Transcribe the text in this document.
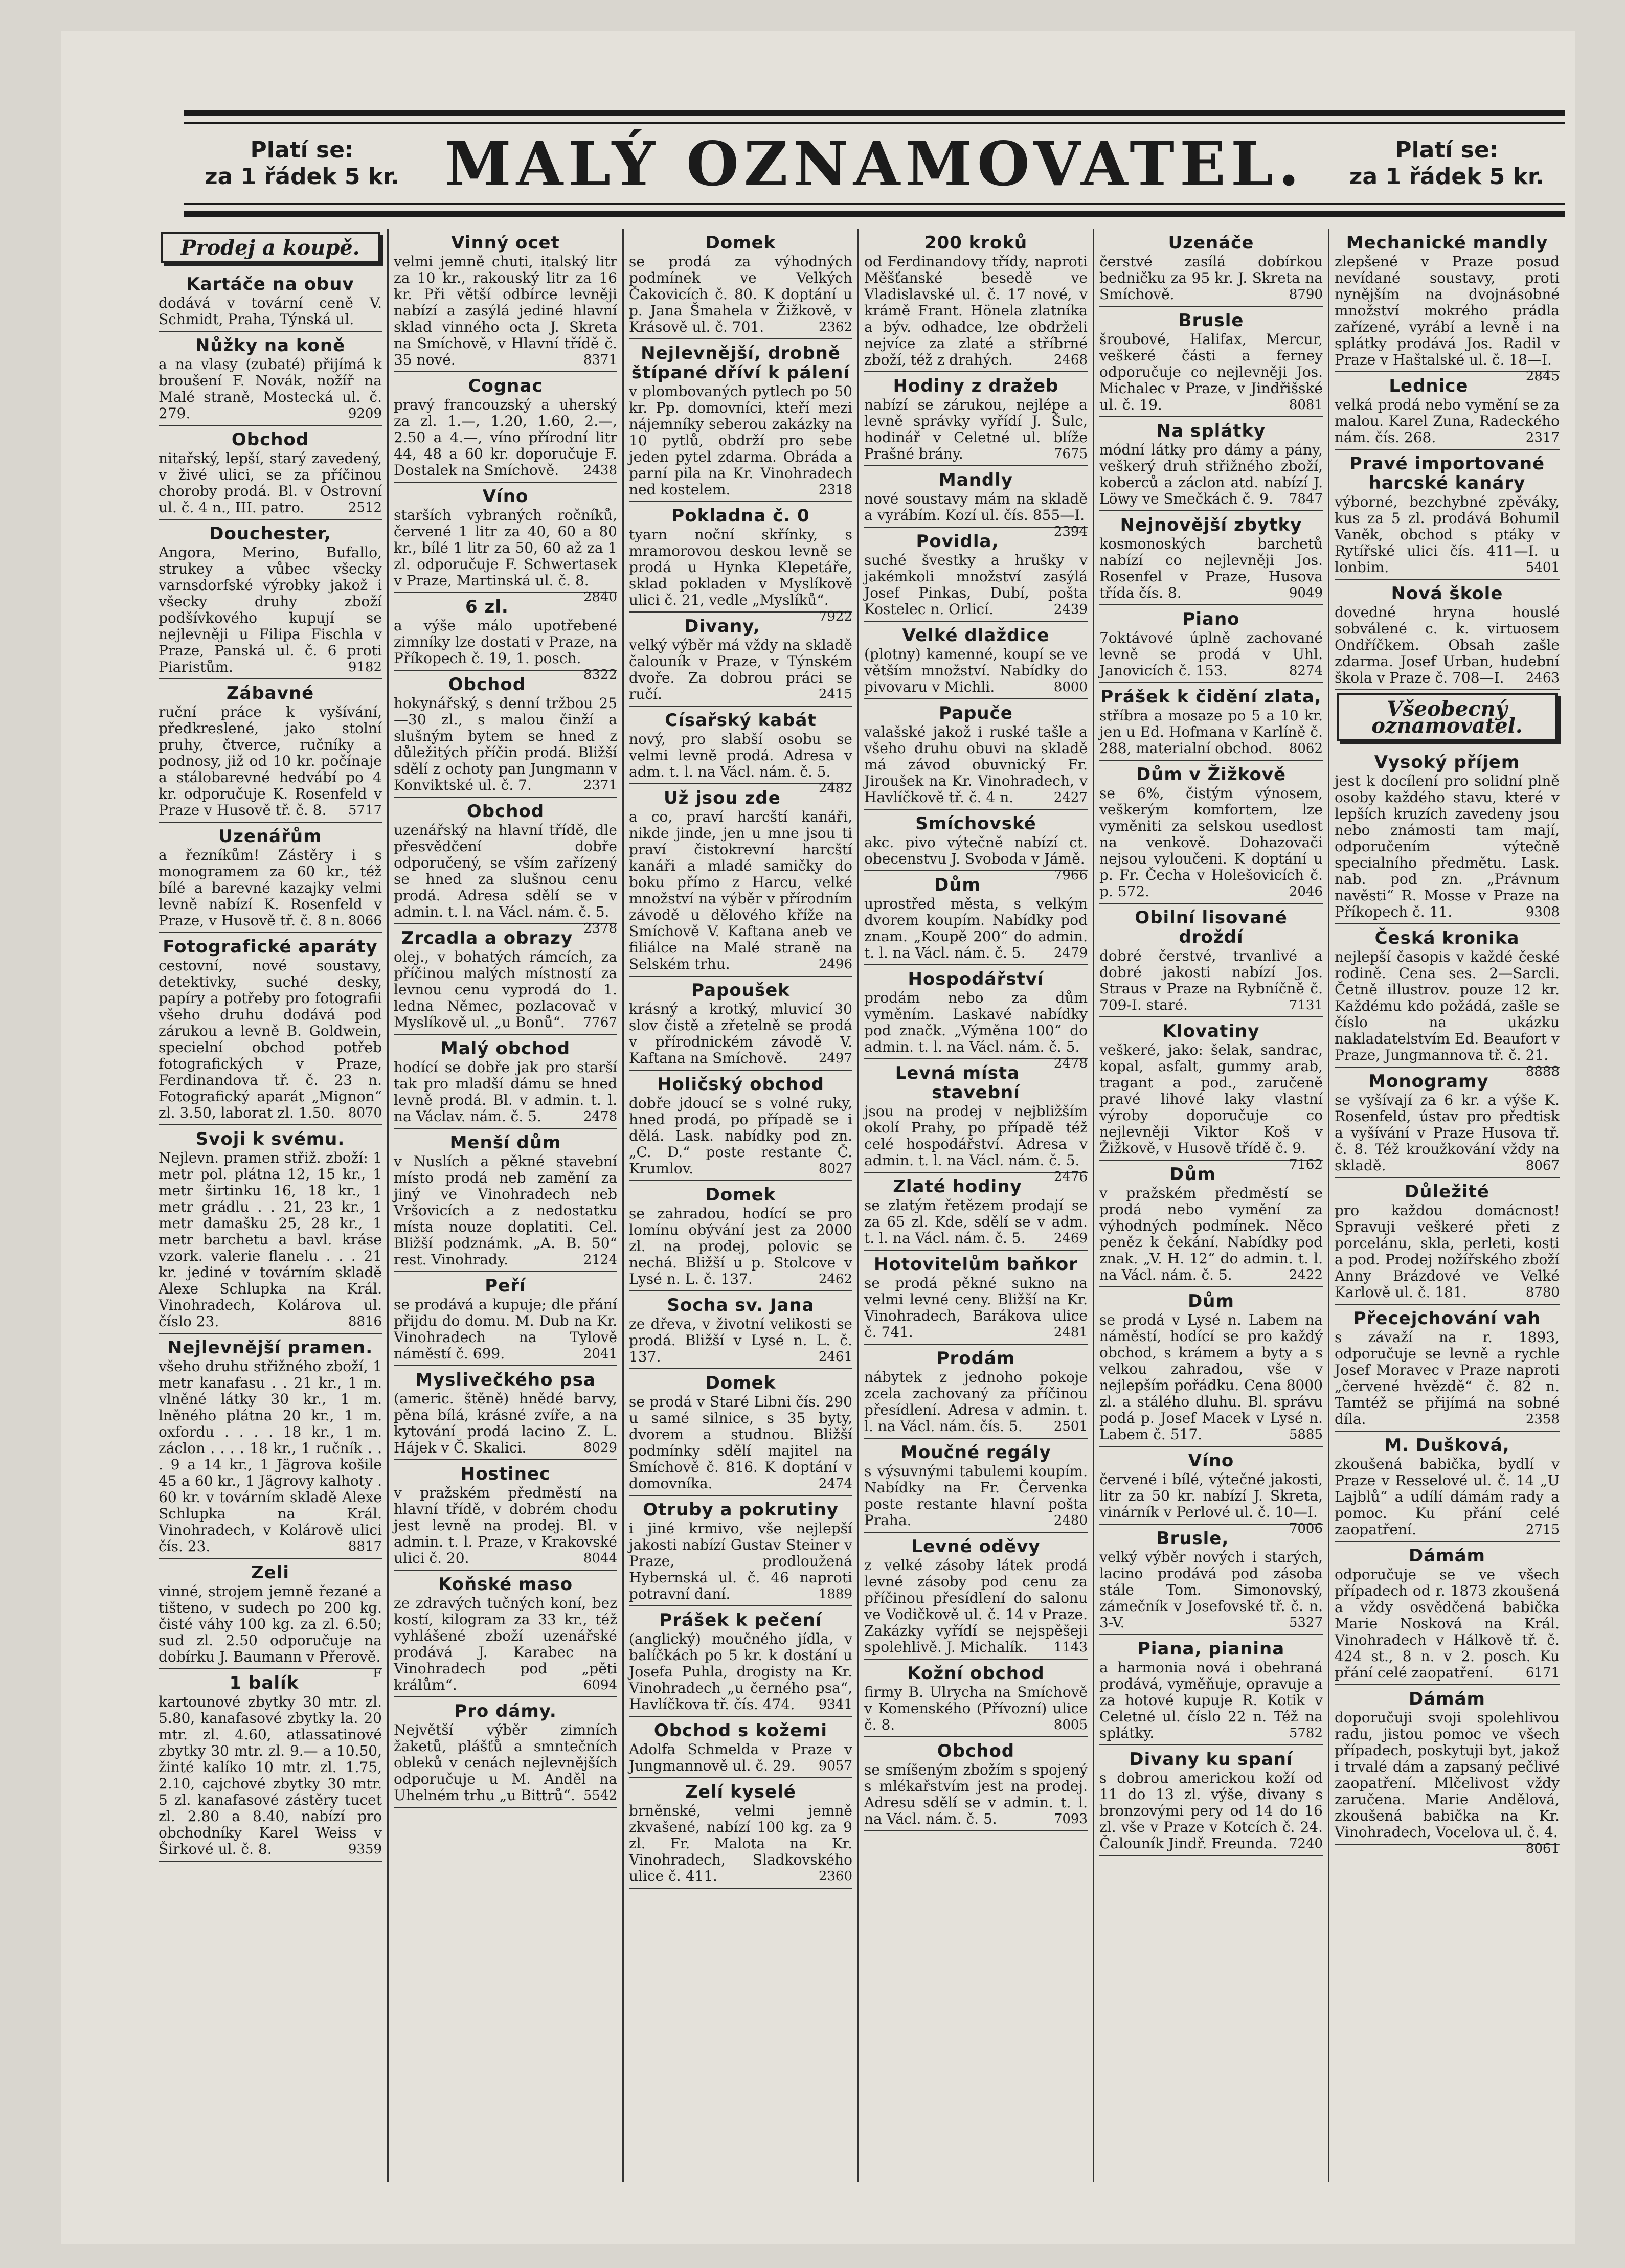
Platí se:
za 1 řádek 5 kr. MALÝ OZNAMOVATEL.	Platí se:
za 1 řádek 5 kr.
Prodej a koupě.
Kartáče na obuv

dodává v tovární ceně V. Schmidt, Praha, Týnská ul.

Nůžky na koně

a na vlasy (zubaté) přijímá k broušení F. Novák, nožíř na Malé straně, Mostecká ul. č. 279.	9209

Obchod

nitařský, lepší, starý zavedený, v živé ulici, se za příčinou choroby prodá. Bl. v Ostrovní ul. č. 4 n., III. patro.	2512

Douchester,

Angora, Merino, Bufallo, strukey a vůbec všecky varnsdorfské výrobky jakož i všecky druhy zboží podšívkového kupují se nejlevněji u Filipa Fischla v Praze, Panská ul. č. 6 proti Piaristům.	9182

Zábavné

ruční práce k vyšívání, předkreslené, jako stolní pruhy, čtverce, ručníky a podnosy, již od 10 kr. počínaje a stálobarevné hedvábí po 4 kr. odporučuje K. Rosenfeld v Praze v Husově tř. č. 8. 5717

Uzenářům

a řezníkům! Zástěry i s monogramem za 60 kr., též bílé a barevné kazajky velmi levně nabízí K. Rosenfeld v Praze, v Husově tř. č. 8 n. 8066

Fotografické aparáty

cestovní, nové soustavy, detektivky, suché desky, papíry a potřeby pro fotografii všeho druhu dodává pod zárukou a levně B. Goldwein, specielní obchod potřeb fotografických v Praze, Ferdinandova tř. č. 23 n. Fotografický aparát „Mignon“ zl. 3.50, laborat zl. 1.50. 8070

Svoji k svému.

Nejlevn. pramen střiž. zboží: 1 metr pol. plátna 12, 15 kr., 1 metr širtinku 16, 18 kr., 1 metr grádlu . . 21, 23 kr., 1 metr damašku 25, 28 kr., 1 metr barchetu a bavl. kráse vzork. valerie flanelu . . . 21 kr. jediné v továrním skladě Alexe Schlupka na Král. Vinohradech, Kolárova ul. číslo 23.	8816

Nejlevnější pramen.

všeho druhu střižného zboží, 1 metr kanafasu . . 21 kr., 1 m. vlněné látky 30 kr., 1 m. lněného plátna 20 kr., 1 m. oxfordu . . . . 18 kr., 1 m. záclon . . . . 18 kr., 1 ručník . . . 9 a 14 kr., 1 Jägrova košile 45 a 60 kr., 1 Jägrovy kalhoty . 60 kr. v továrním skladě Alexe Schlupka na Král. Vinohradech, v Kolárově ulici čís. 23.	8817

Zeli

vinné, strojem jemně řezané a tišteno, v sudech po 200 kg. čisté váhy 100 kg. za zl. 6.50; sud zl. 2.50 odporučuje na dobírku J. Baumann v Přerově.
F

1 balík

kartounové zbytky 30 mtr. zl. 5.80, kanafasové zbytky la. 20 mtr. zl. 4.60, atlassatinové zbytky 30 mtr. zl. 9.— a 10.50, žinté kalíko 10 mtr. zl. 1.75, 2.10, cajchové zbytky 30 mtr. 5 zl. kanafasové zástěry tucet zl. 2.80 a 8.40, nabízí pro obchodníky Karel Weiss v Širkové ul. č. 8.	9359

Vinný ocet

velmi jemně chuti, italský litr za 10 kr., rakouský litr za 16 kr. Při větší odbírce levněji nabízí a zasýlá jediné hlavní sklad vinného octa J. Skreta na Smíchově, v Hlavní třídě č. 35 nové.	8371

Cognac

pravý francouzský a uherský za zl. 1.—, 1.20, 1.60, 2.—, 2.50 a 4.—, víno přírodní litr 44, 48 a 60 kr. doporučuje F. Dostalek na Smíchově. 2438

Víno

starších vybraných ročníků, červené 1 litr za 40, 60 a 80 kr., bílé 1 litr za 50, 60 až za 1 zl. odporučuje F. Schwertasek v Praze, Martinská ul. č. 8.
2840

6 zl.

a výše málo upotřebené zimníky lze dostati v Praze, na Příkopech č. 19, 1. posch.
8322

Obchod

hokynářský, s denní tržbou 25—30 zl., s malou činží a slušným bytem se hned z důležitých příčin prodá. Bližší sdělí z ochoty pan Jungmann v Konviktské ul. č. 7.	2371

Obchod

uzenářský na hlavní třídě, dle přesvědčení dobře odporučený, se vším zařízený se hned za slušnou cenu prodá. Adresa sdělí se v admin. t. l. na Václ. nám. č. 5.
2378

Zrcadla a obrazy

olej., v bohatých rámcích, za příčinou malých místností za levnou cenu vyprodá do 1. ledna Němec, pozlacovač v Myslíkově ul. „u Bonů“. 7767

Malý obchod

hodící se dobře jak pro starší tak pro mladší dámu se hned levně prodá. Bl. v admin. t. l. na Václav. nám. č. 5.	2478

Menší dům

v Nuslích a pěkné stavební místo prodá neb zamění za jiný ve Vinohradech neb Vršovicích a z nedostatku místa nouze doplatiti. Cel. Bližší podznámk. „A. B. 50“ rest. Vinohrady.	2124

Peří

se prodává a kupuje; dle přání přijdu do domu. M. Dub na Kr. Vinohradech na Tylově náměstí č. 699.	2041

Myslivečkého psa

(americ. štěně) hnědé barvy, pěna bílá, krásné zvíře, a na kytování prodá lacino Z. L. Hájek v Č. Skalici.	8029

Hostinec

v pražském předměstí na hlavní třídě, v dobrém chodu jest levně na prodej. Bl. v admin. t. l. Praze, v Krakovské ulici č. 20.	8044

Koňské maso

ze zdravých tučných koní, bez kostí, kilogram za 33 kr., též vyhlášené zboží uzenářské prodává J. Karabec na Vinohradech pod „pěti králům“.	6094

Pro dámy.

Největší výběr zimních žaketů, plášťů a smntečních obleků v cenách nejlevnějších odporučuje u M. Anděl na Uhelném trhu „u Bittrů“. 5542

Domek

se prodá za výhodných podmínek ve Velkých Čakovicích č. 80. K doptání u p. Jana Šmahela v Žižkově, v Krásově ul. č. 701.	2362

Nejlevnější, drobně štípané dříví k pálení

v plombovaných pytlech po 50 kr. Pp. domovníci, kteří mezi nájemníky seberou zakázky na 10 pytlů, obdrží pro sebe jeden pytel zdarma. Obráda a parní pila na Kr. Vinohradech ned kostelem.	2318

Pokladna č. 0

tyarn noční skřínky, s mramorovou deskou levně se prodá u Hynka Klepetáře, sklad pokladen v Myslíkově ulici č. 21, vedle „Myslíků“.
7922

Divany,

velký výběr má vždy na skladě čalouník v Praze, v Týnském dvoře. Za dobrou práci se ručí.	2415

Císařský kabát

nový, pro slabší osobu se velmi levně prodá. Adresa v adm. t. l. na Václ. nám. č. 5.
2482

Už jsou zde

a co, praví harcští kanáři, nikde jinde, jen u mne jsou ti praví čistokrevní harcští kanáři a mladé samičky do boku přímo z Harcu, velké množství na výběr v přírodním závodě u dělového kříže na Smíchově V. Kaftana aneb ve filiálce na Malé straně na Selském trhu.	2496

Papoušek

krásný a krotký, mluvicí 30 slov čistě a zřetelně se prodá v přírodnickém závodě V. Kaftana na Smíchově. 2497

Holičský obchod

dobře jdoucí se s volné ruky, hned prodá, po případě se i dělá. Lask. nabídky pod zn. „C. D.“ poste restante Č. Krumlov.	8027

Domek

se zahradou, hodící se pro lomínu obývání jest za 2000 zl. na prodej, polovic se nechá. Bližší u p. Stolcove v Lysé n. L. č. 137.	2462

Socha sv. Jana

ze dřeva, v životní velikosti se prodá. Bližší v Lysé n. L. č. 137.	2461

Domek

se prodá v Staré Libni čís. 290 u samé silnice, s 35 byty, dvorem a studnou. Bližší podmínky sdělí majitel na Smíchově č. 816. K doptání v domovníka.	2474

Otruby a pokrutiny

i jiné krmivo, vše nejlepší jakosti nabízí Gustav Steiner v Praze, prodloužená Hybernská ul. č. 46 naproti potravní daní.	1889

Prášek k pečení

(anglický) moučného jídla, v balíčkách po 5 kr. k dostání u Josefa Puhla, drogisty na Kr. Vinohradech „u černého psa“, Havlíčkova tř. čís. 474. 9341

Obchod s kožemi

Adolfa Schmelda v Praze v Jungmannově ul. č. 29. 9057

Zelí kyselé

brněnské, velmi jemně zkvašené, nabízí 100 kg. za 9 zl. Fr. Malota na Kr. Vinohradech, Sladkovského ulice č. 411.	2360

200 kroků

od Ferdinandovy třídy, naproti Měšťanské besedě ve Vladislavské ul. č. 17 nové, v krámě Frant. Hönela zlatníka a býv. odhadce, lze obdrželi nejvíce za zlaté a stříbrné zboží, též z drahých.	2468

Hodiny z dražeb

nabízí se zárukou, nejlépe a levně správky vyřídí J. Šulc, hodinář v Celetné ul. blíže Prašné brány.	7675

Mandly

nové soustavy mám na skladě a vyrábím. Kozí ul. čís. 855—I.
2394

Povidla,

suché švestky a hrušky v jakémkoli množství zasýlá Josef Pinkas, Dubí, pošta Kostelec n. Orlicí.	2439

Velké dlaždice

(plotny) kamenné, koupí se ve větším množství. Nabídky do pivovaru v Michli.	8000

Papuče

valašské jakož i ruské tašle a všeho druhu obuvi na skladě má závod obuvnický Fr. Jiroušek na Kr. Vinohradech, v Havlíčkově tř. č. 4 n.	2427

Smíchovské

akc. pivo výtečně nabízí ct. obecenstvu J. Svoboda v Jámě.
7966

Dům

uprostřed města, s velkým dvorem koupím. Nabídky pod znam. „Koupě 200“ do admin. t. l. na Václ. nám. č. 5. 2479

Hospodářství

prodám nebo za dům vyměním. Laskavé nabídky pod značk. „Výměna 100“ do admin. t. l. na Václ. nám. č. 5.
2478

Levná místa stavební

jsou na prodej v nejbližším okolí Prahy, po případě též celé hospodářství. Adresa v admin. t. l. na Václ. nám. č. 5.
2476

Zlaté hodiny

se zlatým řetězem prodají se za 65 zl. Kde, sdělí se v adm. t. l. na Václ. nám. č. 5. 2469

Hotovitelům baňkor

se prodá pěkné sukno na velmi levné ceny. Bližší na Kr. Vinohradech, Barákova ulice č. 741.	2481

Prodám

nábytek z jednoho pokoje zcela zachovaný za příčinou přesídlení. Adresa v admin. t. l. na Václ. nám. čís. 5. 2501

Moučné regály

s výsuvnými tabulemi koupím. Nabídky na Fr. Červenka poste restante hlavní pošta Praha.	2480

Levné oděvy

z velké zásoby látek prodá levné zásoby pod cenu za příčinou přesídlení do salonu ve Vodičkově ul. č. 14 v Praze. Zakázky vyřídí se nejspěšeji spolehlivě. J. Michalík. 1143

Kožní obchod

firmy B. Ulrycha na Smíchově v Komenského (Přívozní) ulice č. 8.	8005

Obchod

se smíšeným zbožím s spojený s mlékařstvím jest na prodej. Adresu sdělí se v admin. t. l. na Václ. nám. č. 5.	7093

Uzenáče

čerstvé zasílá dobírkou bedničku za 95 kr. J. Skreta na Smíchově.	8790

Brusle

šroubové, Halifax, Mercur, veškeré části a ferney odporučuje co nejlevněji Jos. Michalec v Praze, v Jindřišské ul. č. 19.	8081

Na splátky

módní látky pro dámy a pány, veškerý druh střižného zboží, koberců a záclon atd. nabízí J. Löwy ve Smečkách č. 9. 7847

Nejnovější zbytky

kosmonoských barchetů nabízí co nejlevněji Jos. Rosenfel v Praze, Husova třída čís. 8.	9049

Piano

7oktávové úplně zachované levně se prodá v Uhl. Janovicích č. 153.	8274

Prášek k čidění zlata,

stříbra a mosaze po 5 a 10 kr. jen u Ed. Hofmana v Karlíně č. 288, materialní obchod. 8062

Dům v Žižkově

se 6%, čistým výnosem, veškerým komfortem, lze vyměniti za selskou usedlost na venkově. Dohazovači nejsou vyloučeni. K doptání u p. Fr. Čecha v Holešovicích č. p. 572.	2046

Obilní lisované droždí

dobré čerstvé, trvanlivé a dobré jakosti nabízí Jos. Straus v Praze na Rybníčně č. 709-I. staré.	7131

Klovatiny

veškeré, jako: šelak, sandrac, kopal, asfalt, gummy arab, tragant a pod., zaručeně pravé lihové laky vlastní výroby doporučuje co nejlevněji Viktor Koš v Žižkově, v Husově třídě č. 9.
7162

Dům

v pražském předměstí se prodá nebo vymění za výhodných podmínek. Něco peněz k čekání. Nabídky pod znak. „V. H. 12“ do admin. t. l. na Václ. nám. č. 5.	2422

Dům

se prodá v Lysé n. Labem na náměstí, hodící se pro každý obchod, s krámem a byty a s velkou zahradou, vše v nejlepším pořádku. Cena 8000 zl. a stálého dluhu. Bl. správu podá p. Josef Macek v Lysé n. Labem č. 517.	5885

Víno

červené i bílé, výtečné jakosti, litr za 50 kr. nabízí J. Skreta, vinárník v Perlové ul. č. 10—I.
7006

Brusle,

velký výběr nových i starých, lacino prodává pod zásoba stále Tom. Simonovský, zámečník v Josefovské tř. č. n. 3-V.	5327

Piana, pianina

a harmonia nová i obehraná prodává, vyměňuje, opravuje a za hotové kupuje R. Kotik v Celetné ul. číslo 22 n. Též na splátky.	5782

Divany ku spaní

s dobrou americkou koží od 11 do 13 zl. výše, divany s bronzovými pery od 14 do 16 zl. vše v Praze v Kotcích č. 24. Čalouník Jindř. Freunda. 7240

Mechanické mandly

zlepšené v Praze posud nevídané soustavy, proti nynějším na dvojnásobné množství mokrého prádla zařízené, vyrábí a levně i na splátky prodává Jos. Radil v Praze v Haštalské ul. č. 18—I.
2845

Lednice

velká prodá nebo vymění se za malou. Karel Zuna, Radeckého nám. čís. 268.	2317

Pravé importované harcské kanáry

výborné, bezchybné zpěváky, kus za 5 zl. prodává Bohumil Vaněk, obchod s ptáky v Rytířské ulici čís. 411—I. u lonbim.	5401

Nová škole

dovedné hryna houslé sobválené c. k. virtuosem Ondříčkem. Obsah zašle zdarma. Josef Urban, hudební škola v Praze č. 708—I. 2463

Všeobecný oznamovatel.
Vysoký příjem

jest k docílení pro solidní plně osoby každého stavu, které v lepších kruzích zavedeny jsou nebo známosti tam mají, odporučením výtečně specialního předmětu. Lask. nab. pod zn. „Právnum navěsti“ R. Mosse v Praze na Příkopech č. 11.	9308

Česká kronika

nejlepší časopis v každé české rodině. Cena ses. 2—Sarcli. Četně illustrov. pouze 12 kr. Každému kdo požádá, zašle se číslo na ukázku nakladatelstvím Ed. Beaufort v Praze, Jungmannova tř. č. 21.
8888

Monogramy

se vyšívají za 6 kr. a výše K. Rosenfeld, ústav pro předtisk a vyšívání v Praze Husova tř. č. 8. Též kroužkování vždy na skladě.	8067

Důležité

pro každou domácnost! Spravuji veškeré přeti z porcelánu, skla, perleti, kosti a pod. Prodej nožířského zboží Anny Brázdové ve Velké Karlově ul. č. 181.	8780

Přecejchování vah

s závaží na r. 1893, odporučuje se levně a rychle Josef Moravec v Praze naproti „červené hvězdě“ č. 82 n. Tamtéž se přijímá na sobné díla.	2358

M. Dušková,

zkoušená babička, bydlí v Praze v Resselové ul. č. 14 „U Lajblů“ a udílí dámám rady a pomoc. Ku přání celé zaopatření.	2715

Dámám

odporučuje se ve všech případech od r. 1873 zkoušená a vždy osvědčená babička Marie Nosková na Král. Vinohradech v Hálkově tř. č. 424 st., 8 n. v 2. posch. Ku přání celé zaopatření. 6171

Dámám

doporučuji svoji spolehlivou radu, jistou pomoc ve všech případech, poskytuji byt, jakož i trvalé dám a zapsaný pečlivé zaopatření. Mlčelivost vždy zaručena. Marie Andělová, zkoušená babička na Kr. Vinohradech, Vocelova ul. č. 4.
8061
